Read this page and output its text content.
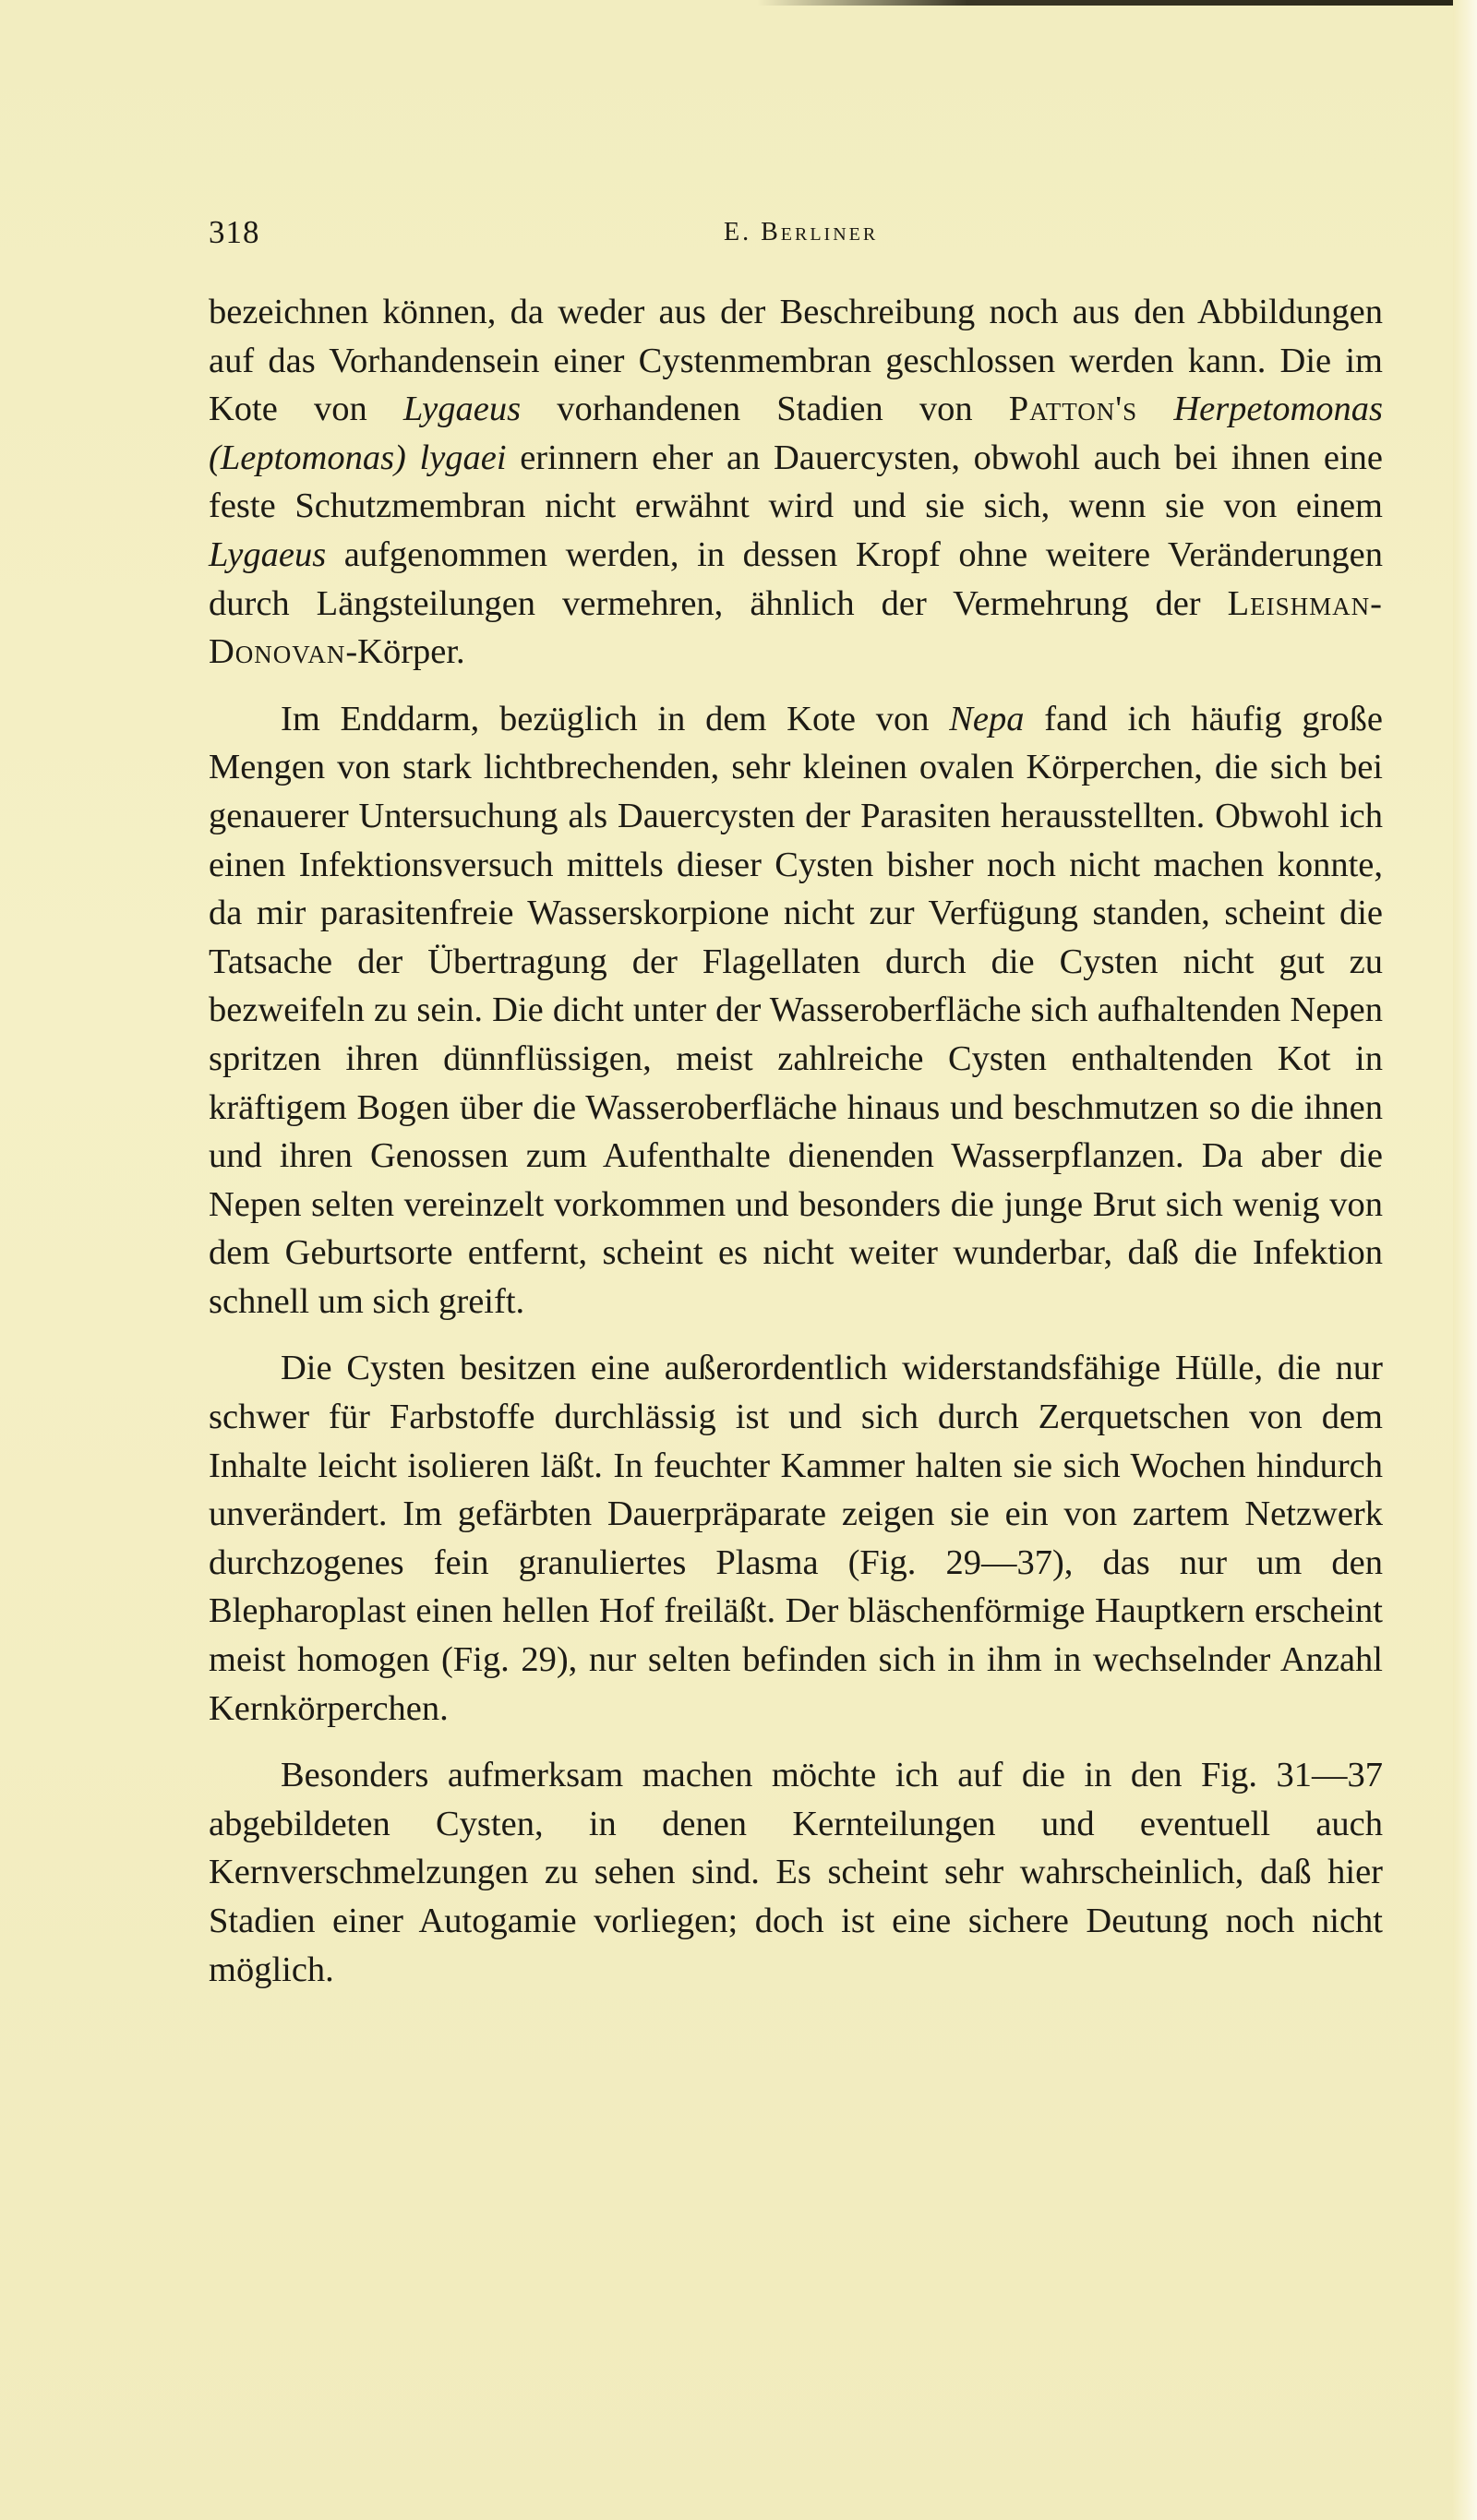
318	E. Berliner

bezeichnen können, da weder aus der Beschreibung noch aus den Abbildungen auf das Vorhandensein einer Cystenmembran geschlossen werden kann. Die im Kote von Lygaeus vorhandenen Stadien von Patton's Herpetomonas (Leptomonas) lygaei erinnern eher an Dauercysten, obwohl auch bei ihnen eine feste Schutzmembran nicht erwähnt wird und sie sich, wenn sie von einem Lygaeus aufgenommen werden, in dessen Kropf ohne weitere Veränderungen durch Längsteilungen vermehren, ähnlich der Vermehrung der Leishman-Donovan-Körper.

Im Enddarm, bezüglich in dem Kote von Nepa fand ich häufig große Mengen von stark lichtbrechenden, sehr kleinen ovalen Körperchen, die sich bei genauerer Untersuchung als Dauercysten der Parasiten herausstellten. Obwohl ich einen Infektionsversuch mittels dieser Cysten bisher noch nicht machen konnte, da mir parasitenfreie Wasserskorpione nicht zur Verfügung standen, scheint die Tatsache der Übertragung der Flagellaten durch die Cysten nicht gut zu bezweifeln zu sein. Die dicht unter der Wasseroberfläche sich aufhaltenden Nepen spritzen ihren dünnflüssigen, meist zahlreiche Cysten enthaltenden Kot in kräftigem Bogen über die Wasseroberfläche hinaus und beschmutzen so die ihnen und ihren Genossen zum Aufenthalte dienenden Wasserpflanzen. Da aber die Nepen selten vereinzelt vorkommen und besonders die junge Brut sich wenig von dem Geburtsorte entfernt, scheint es nicht weiter wunderbar, daß die Infektion schnell um sich greift.

Die Cysten besitzen eine außerordentlich widerstandsfähige Hülle, die nur schwer für Farbstoffe durchlässig ist und sich durch Zerquetschen von dem Inhalte leicht isolieren läßt. In feuchter Kammer halten sie sich Wochen hindurch unverändert. Im gefärbten Dauerpräparate zeigen sie ein von zartem Netzwerk durchzogenes fein granuliertes Plasma (Fig. 29—37), das nur um den Blepharoplast einen hellen Hof freiläßt. Der bläschenförmige Hauptkern erscheint meist homogen (Fig. 29), nur selten befinden sich in ihm in wechselnder Anzahl Kernkörperchen.

Besonders aufmerksam machen möchte ich auf die in den Fig. 31—37 abgebildeten Cysten, in denen Kernteilungen und eventuell auch Kernverschmelzungen zu sehen sind. Es scheint sehr wahrscheinlich, daß hier Stadien einer Autogamie vorliegen; doch ist eine sichere Deutung noch nicht möglich.
